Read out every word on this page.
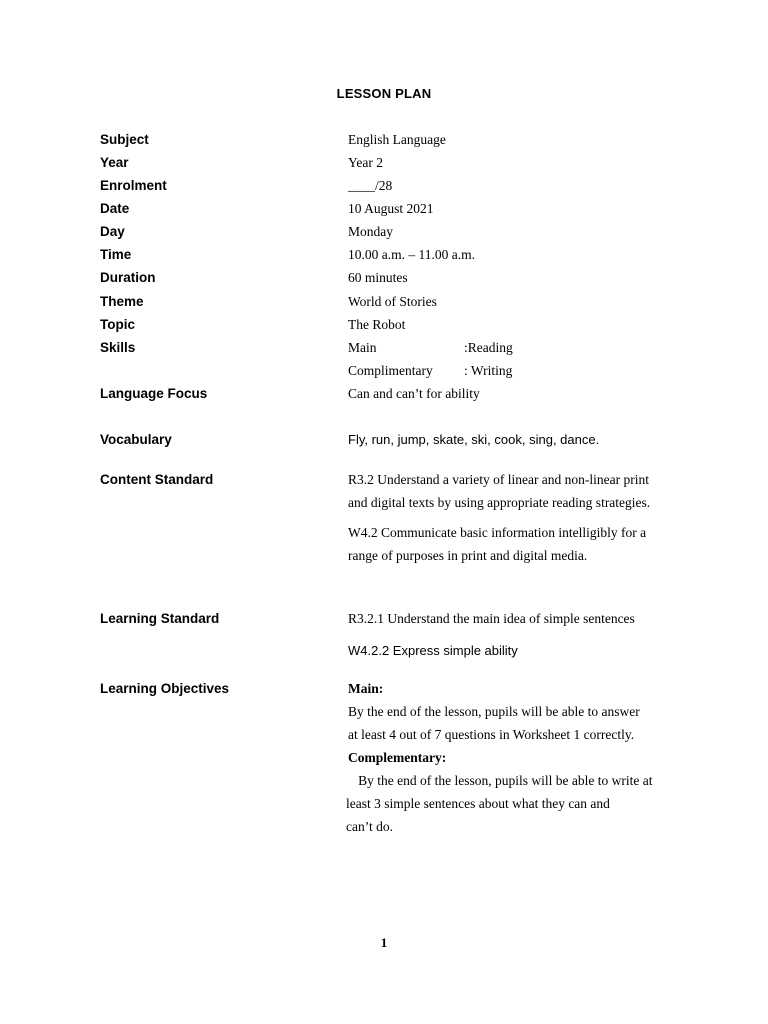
LESSON PLAN
Subject	English Language
Year	Year 2
Enrolment	____/28
Date	10 August 2021
Day	Monday
Time	10.00 a.m. – 11.00 a.m.
Duration	60 minutes
Theme	World of Stories
Topic	The Robot
Skills	Main	:Reading
Complimentary : Writing
Language Focus	Can and can’t for ability
Vocabulary	Fly, run, jump, skate, ski, cook, sing, dance.
Content Standard	R3.2 Understand a variety of linear and non-linear print
and digital texts by using appropriate reading strategies.
W4.2 Communicate basic information intelligibly for a
range of purposes in print and digital media.
Learning Standard	R3.2.1 Understand the main idea of simple sentences
W4.2.2 Express simple ability
Learning Objectives	Main:
By the end of the lesson, pupils will be able to answer
at least 4 out of 7 questions in Worksheet 1 correctly.
Complementary:
By the end of the lesson, pupils will be able to write at
least 3 simple sentences about what they can and
can’t do.
1
